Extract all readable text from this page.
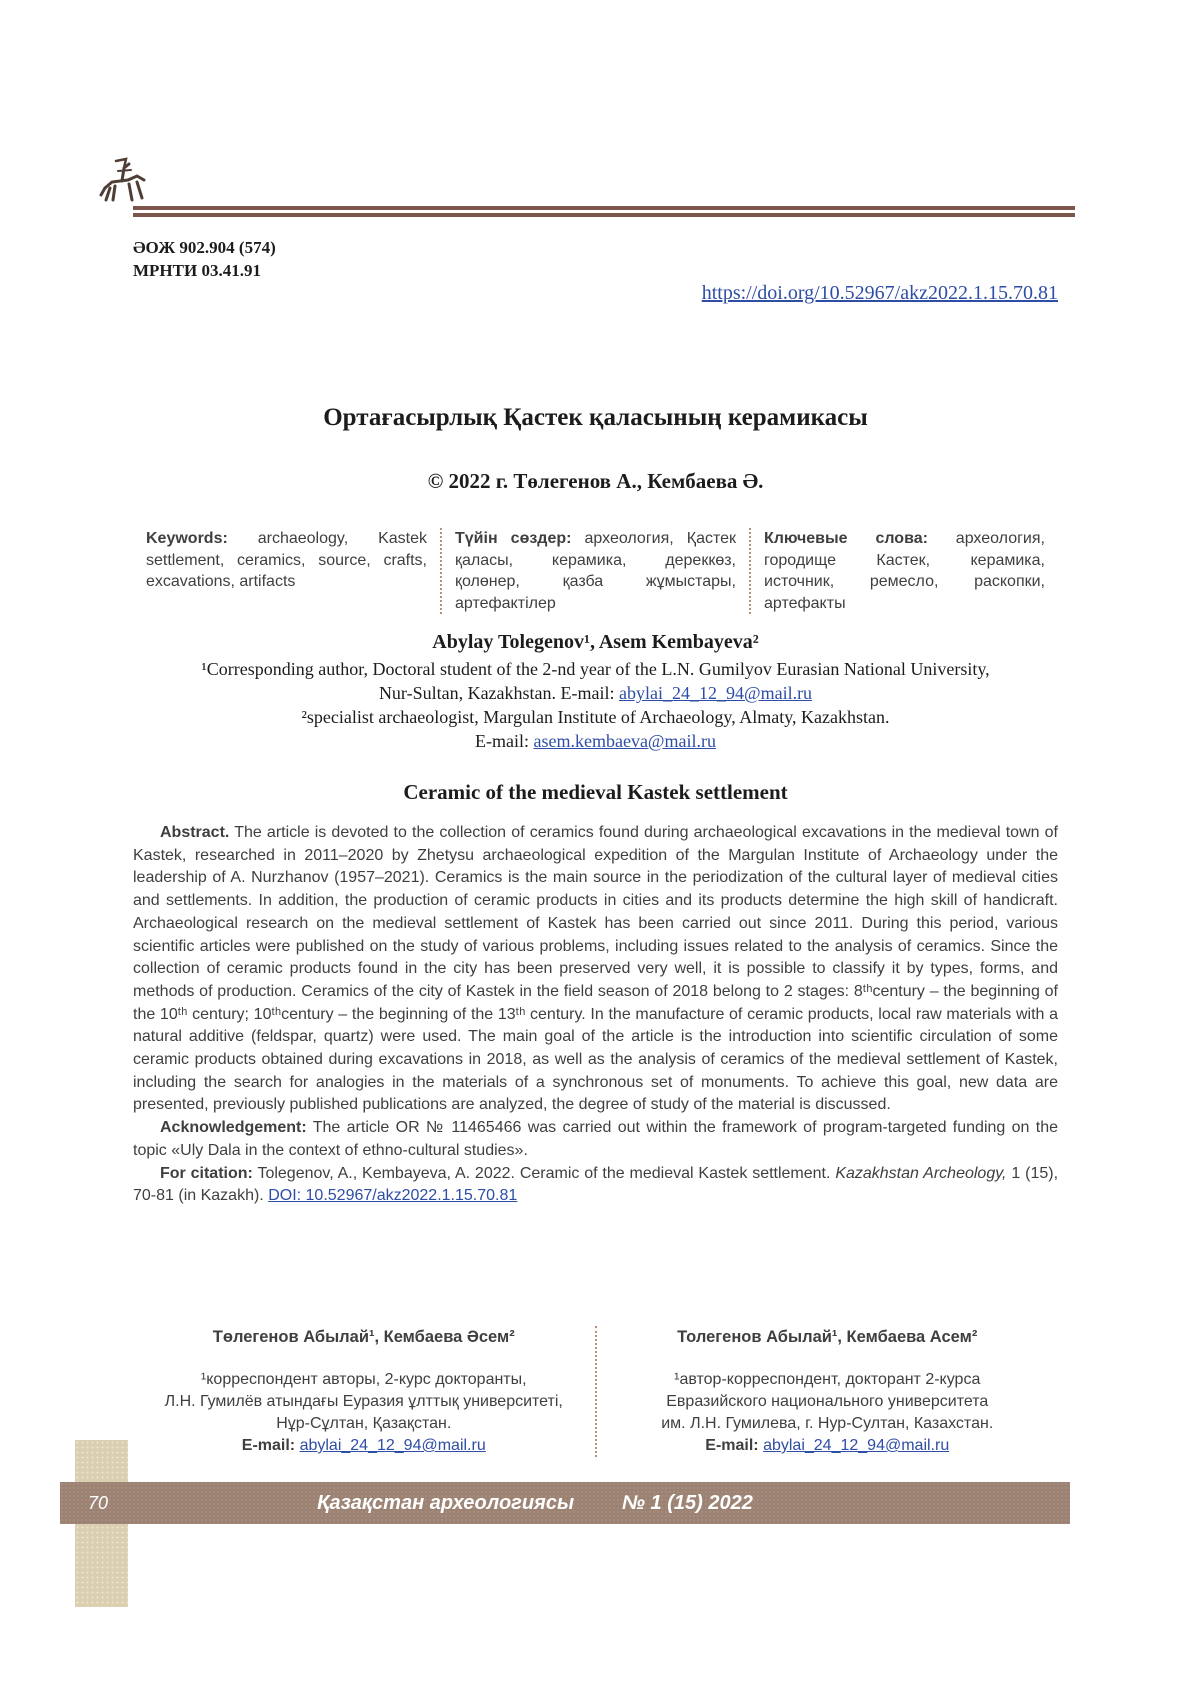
ӘОЖ 902.904 (574)
МРНТИ 03.41.91
https://doi.org/10.52967/akz2022.1.15.70.81
Ортағасырлық Қастек қаласының керамикасы
© 2022 г. Төлегенов А., Кембаева Ә.
Keywords: archaeology, Kastek settlement, ceramics, source, crafts, excavations, artifacts
Түйін сөздер: археология, Қастек қаласы, керамика, дереккөз, қолөнер, қазба жұмыстары, артефактілер
Ключевые слова: археология, городище Кастек, керамика, источник, ремесло, раскопки, артефакты
Abylay Tolegenov¹, Asem Kembayeva²
¹Corresponding author, Doctoral student of the 2-nd year of the L.N. Gumilyov Eurasian National University,
Nur-Sultan, Kazakhstan. E-mail: abylai_24_12_94@mail.ru
²specialist archaeologist, Margulan Institute of Archaeology, Almaty, Kazakhstan.
E-mail: asem.kembaeva@mail.ru
Ceramic of the medieval Kastek settlement

Abstract. The article is devoted to the collection of ceramics found during archaeological excavations in the medieval town of Kastek, researched in 2011–2020 by Zhetysu archaeological expedition of the Margulan Institute of Archaeology under the leadership of A. Nurzhanov (1957–2021). Ceramics is the main source in the periodization of the cultural layer of medieval cities and settlements. In addition, the production of ceramic products in cities and its products determine the high skill of handicraft. Archaeological research on the medieval settlement of Kastek has been carried out since 2011. During this period, various scientific articles were published on the study of various problems, including issues related to the analysis of ceramics. Since the collection of ceramic products found in the city has been preserved very well, it is possible to classify it by types, forms, and methods of production. Ceramics of the city of Kastek in the field season of 2018 belong to 2 stages: 8ᵗʰcentury – the beginning of the 10ᵗʰ century; 10ᵗʰcentury – the beginning of the 13ᵗʰ century. In the manufacture of ceramic products, local raw materials with a natural additive (feldspar, quartz) were used. The main goal of the article is the introduction into scientific circulation of some ceramic products obtained during excavations in 2018, as well as the analysis of ceramics of the medieval settlement of Kastek, including the search for analogies in the materials of a synchronous set of monuments. To achieve this goal, new data are presented, previously published publications are analyzed, the degree of study of the material is discussed.

Acknowledgement: The article OR № 11465466 was carried out within the framework of program-targeted funding on the topic «Uly Dala in the context of ethno-cultural studies».

For citation: Tolegenov, A., Kembayeva, A. 2022. Ceramic of the medieval Kastek settlement. Kazakhstan Archeology, 1 (15), 70-81 (in Kazakh). DOI: 10.52967/akz2022.1.15.70.81

Төлегенов Абылай¹, Кембаева Әсем²
¹корреспондент авторы, 2-курс докторанты,
Л.Н. Гумилёв атындағы Еуразия ұлттық университеті,
Нұр-Сұлтан, Қазақстан.
E-mail: abylai_24_12_94@mail.ru
Толегенов Абылай¹, Кембаева Асем²
¹автор-корреспондент, докторант 2-курса
Евразийского национального университета
им. Л.Н. Гумилева, г. Нур-Султан, Казахстан.
E-mail: abylai_24_12_94@mail.ru
70	Қазақстан археологиясы № 1 (15) 2022
